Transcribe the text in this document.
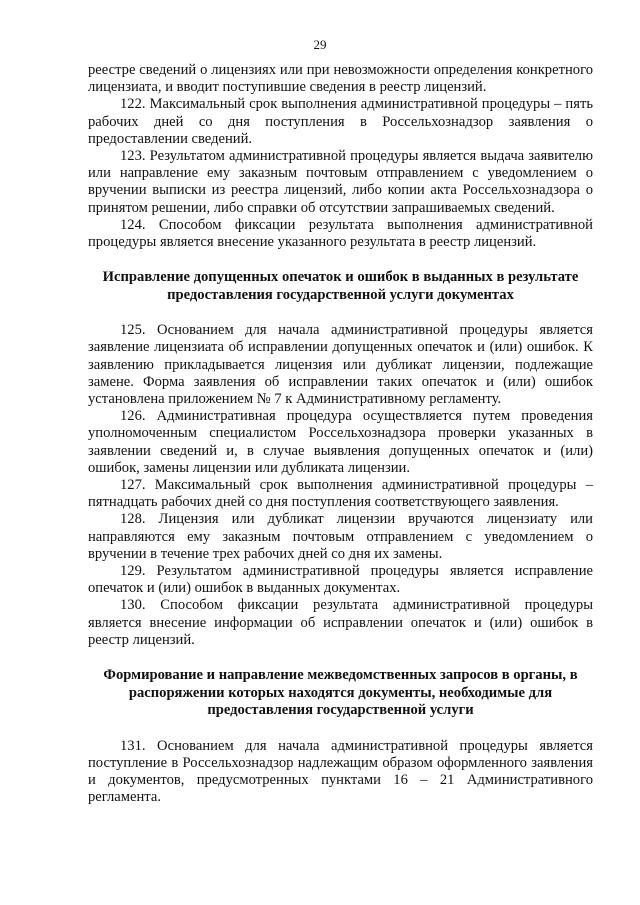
29

реестре сведений о лицензиях или при невозможности определения конкретного лицензиата, и вводит поступившие сведения в реестр лицензий.

122. Максимальный срок выполнения административной процедуры – пять рабочих дней со дня поступления в Россельхознадзор заявления о предоставлении сведений.

123. Результатом административной процедуры является выдача заявителю или направление ему заказным почтовым отправлением с уведомлением о вручении выписки из реестра лицензий, либо копии акта Россельхознадзора о принятом решении, либо справки об отсутствии запрашиваемых сведений.

124. Способом фиксации результата выполнения административной процедуры является внесение указанного результата в реестр лицензий.

Исправление допущенных опечаток и ошибок в выданных в результате предоставления государственной услуги документах

125. Основанием для начала административной процедуры является заявление лицензиата об исправлении допущенных опечаток и (или) ошибок. К заявлению прикладывается лицензия или дубликат лицензии, подлежащие замене. Форма заявления об исправлении таких опечаток и (или) ошибок установлена приложением № 7 к Административному регламенту.

126. Административная процедура осуществляется путем проведения уполномоченным специалистом Россельхознадзора проверки указанных в заявлении сведений и, в случае выявления допущенных опечаток и (или) ошибок, замены лицензии или дубликата лицензии.

127. Максимальный срок выполнения административной процедуры – пятнадцать рабочих дней со дня поступления соответствующего заявления.

128. Лицензия или дубликат лицензии вручаются лицензиату или направляются ему заказным почтовым отправлением с уведомлением о вручении в течение трех рабочих дней со дня их замены.

129. Результатом административной процедуры является исправление опечаток и (или) ошибок в выданных документах.

130. Способом фиксации результата административной процедуры является внесение информации об исправлении опечаток и (или) ошибок в реестр лицензий.

Формирование и направление межведомственных запросов в органы, в распоряжении которых находятся документы, необходимые для предоставления государственной услуги

131. Основанием для начала административной процедуры является поступление в Россельхознадзор надлежащим образом оформленного заявления и документов, предусмотренных пунктами 16 – 21 Административного регламента.
